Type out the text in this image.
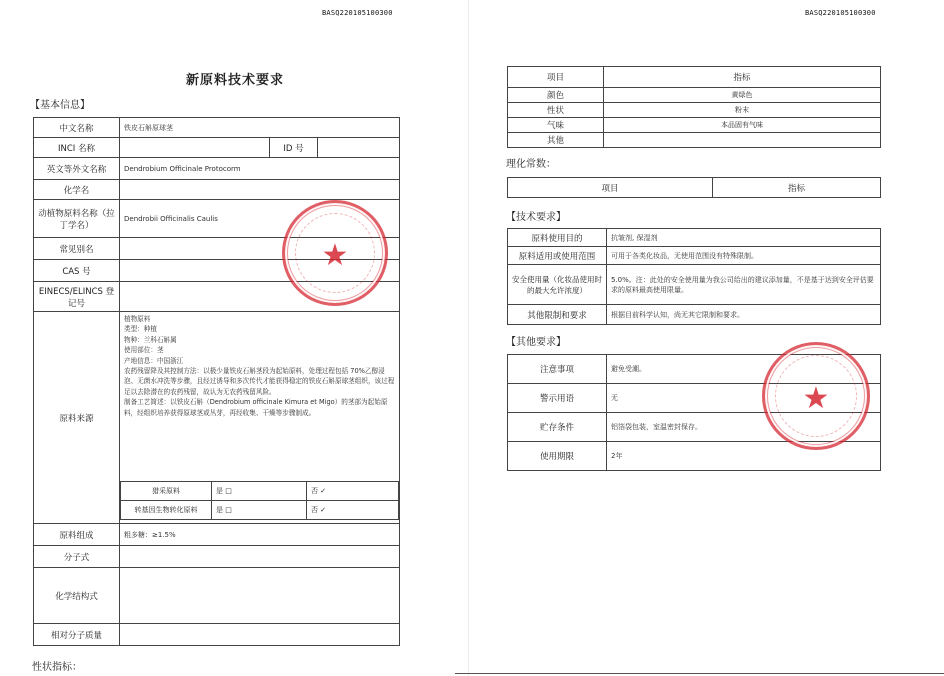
BASQ220105100300
新原料技术要求
【基本信息】
中文名称	铁皮石斛原球茎
INCI 名称		ID 号	
英文等外文名称	Dendrobium Officinale Protocorm
化学名	
动植物原料名称（拉丁学名）	Dendrobii Officinalis Caulis
常见别名	
CAS 号	
EINECS/ELINCS 登记号	
原料来源	
植物原料
类型：种植
物种：兰科石斛属
使用部位：茎
产地信息：中国浙江
农药残留降及其控制方法：以极少量铁皮石斛茎段为起始原料，处理过程包括 70%乙醇浸泡、无菌水冲洗等步骤，且经过诱导和多次传代才能获得稳定的铁皮石斛原球茎组织，该过程足以去除潜在的农药残留，故认为无农药残留风险。
制备工艺简述：以铁皮石斛（Dendrobium officinale Kimura et Migo）的茎部为起始原料，经组织培养获得原球茎或丛芽，再经收集、干燥等步骤制成。
猎采原料	是 □	否 ✓
转基因生物转化原料	是 □	否 ✓

原料组成	粗多糖：≥1.5%
分子式	
化学结构式	
相对分子质量	
性状指标：
★
BASQ220105100300
项目	指标
颜色	黄绿色
性状	粉末
气味	本品固有气味
其他	
理化常数：
项目	指标
【技术要求】
原料使用目的	抗皱剂, 保湿剂
原料适用或使用范围	可用于各类化妆品，无使用范围没有特殊限制。
安全使用量（化妆品使用时的最大允许浓度）	5.0%。注：此处的安全使用量为我公司给出的建议添加量，不是基于达到安全评估要求的原料最高使用限量。
其他限制和要求	根据目前科学认知，尚无其它限制和要求。
【其他要求】
注意事项	避免受潮。
警示用语	无
贮存条件	铝箔袋包装，室温密封保存。
使用期限	2年
★
